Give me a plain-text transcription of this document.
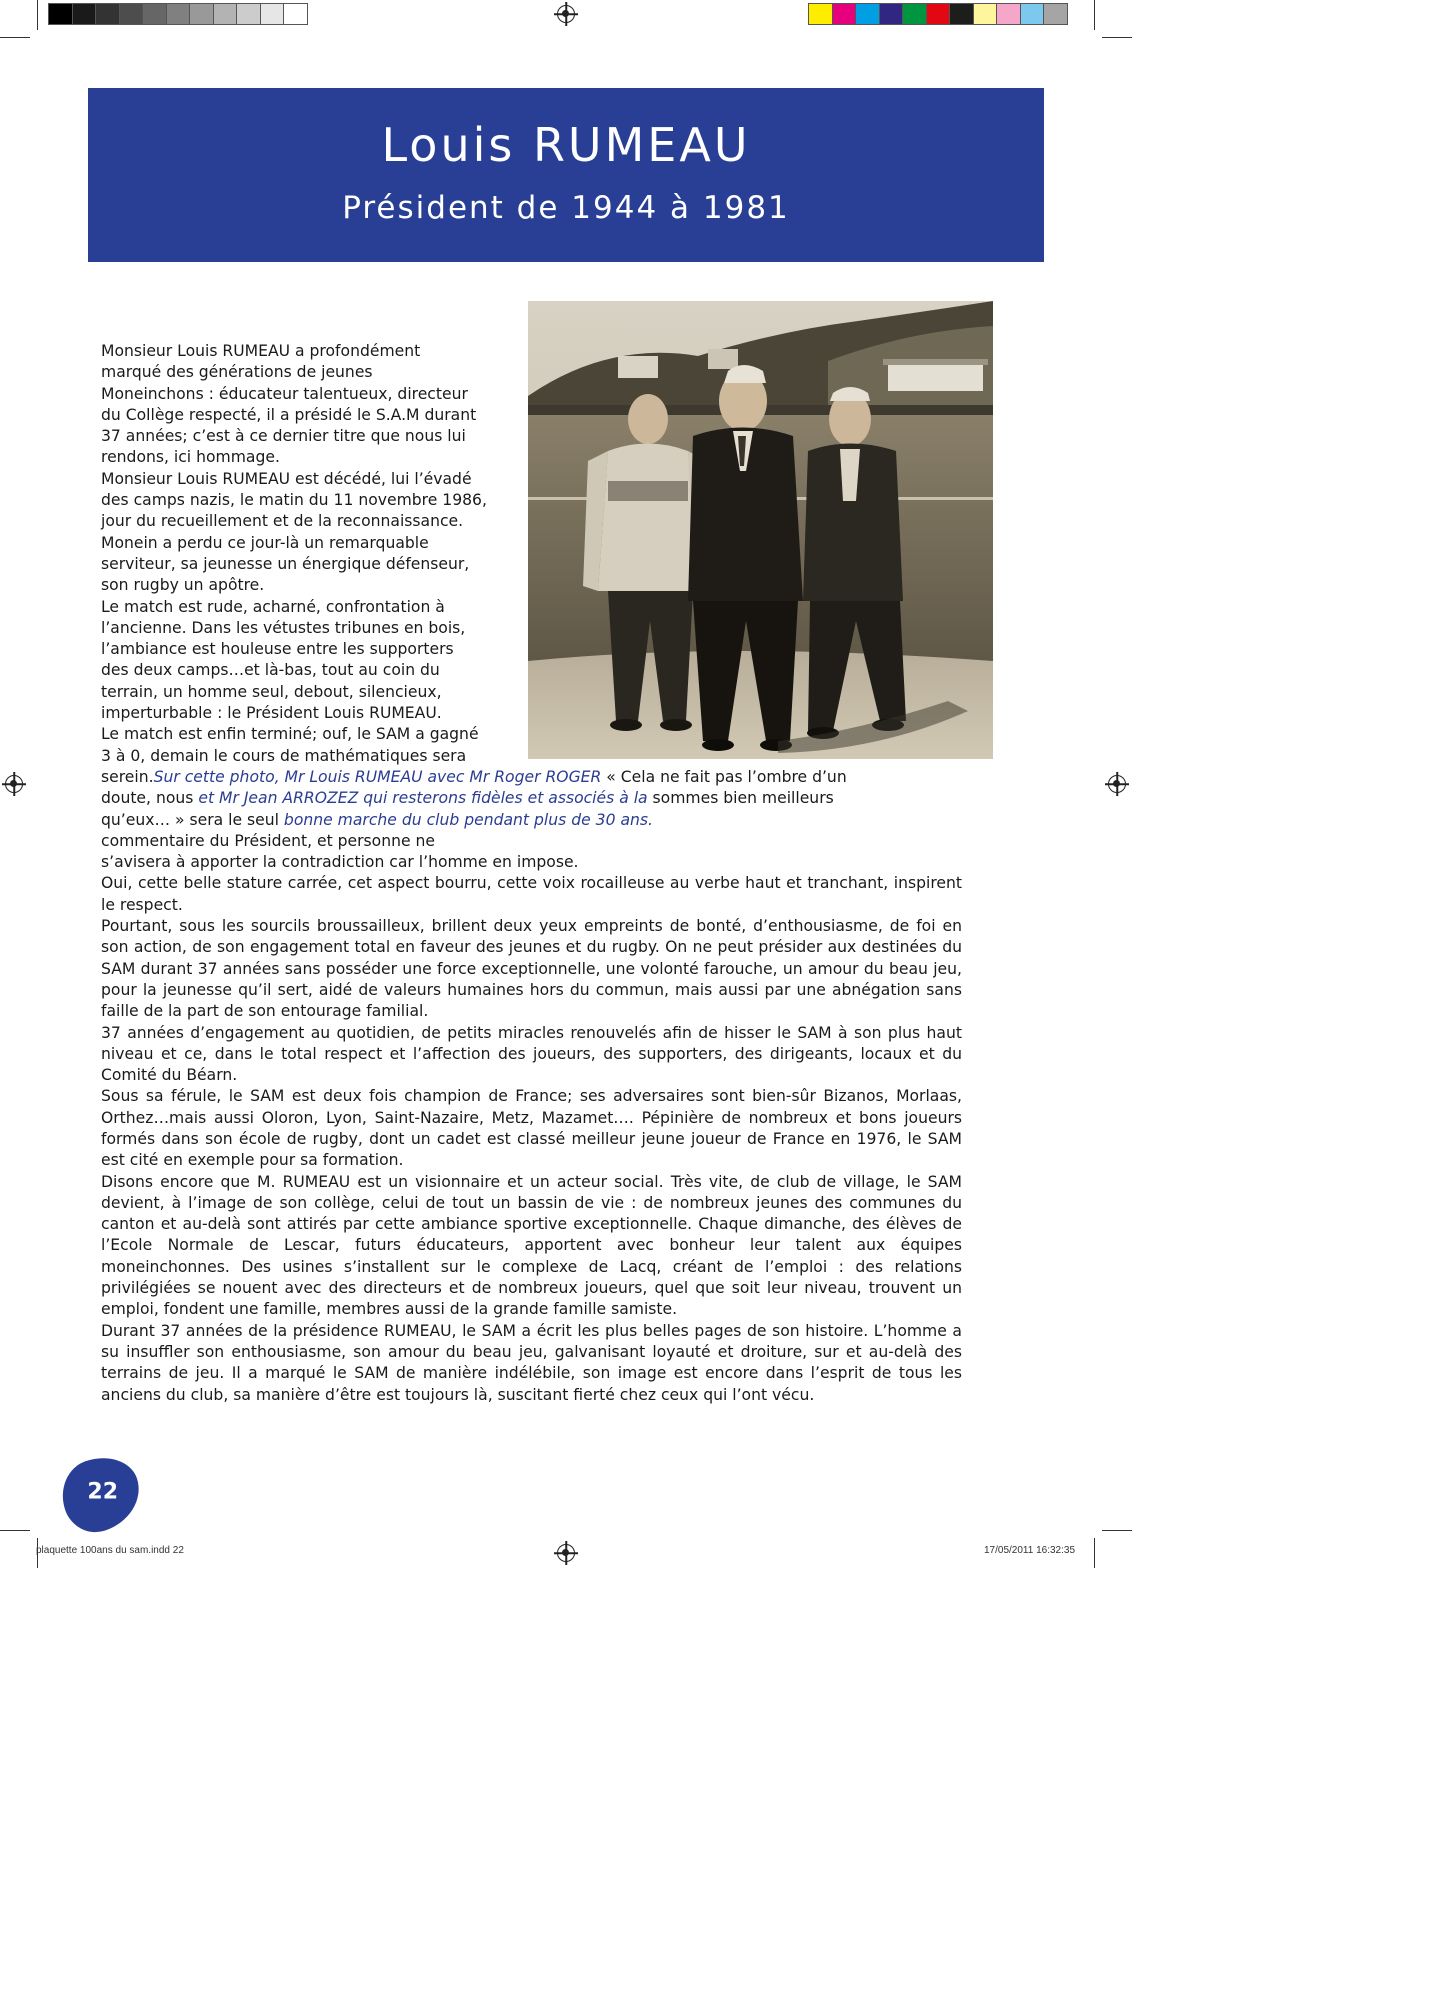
Louis RUMEAU
Président de 1944 à 1981

Monsieur Louis RUMEAU a profondément

marqué des générations de jeunes

Moneinchons : éducateur talentueux, directeur

du Collège respecté, il a présidé le S.A.M durant

37 années; c’est à ce dernier titre que nous lui

rendons, ici hommage.

Monsieur Louis RUMEAU est décédé, lui l’évadé

des camps nazis, le matin du 11 novembre 1986,

jour du recueillement et de la reconnaissance.

Monein a perdu ce jour-là un remarquable

serviteur, sa jeunesse un énergique défenseur,

son rugby un apôtre.

Le match est rude, acharné, confrontation à

l’ancienne. Dans les vétustes tribunes en bois,

l’ambiance est houleuse entre les supporters

des deux camps…et là-bas, tout au coin du

terrain, un homme seul, debout, silencieux,

imperturbable : le Président Louis RUMEAU.

Le match est enfin terminé; ouf, le SAM a gagné

3 à 0, demain le cours de mathématiques sera

serein.Sur cette photo, Mr Louis RUMEAU avec Mr Roger ROGER « Cela ne fait pas l’ombre d’un

doute, nous et Mr Jean ARROZEZ qui resterons fidèles et associés à la sommes bien meilleurs

qu’eux… » sera le seul bonne marche du club pendant plus de 30 ans.

commentaire du Président, et personne ne

s’avisera à apporter la contradiction car l’homme en impose.

Oui, cette belle stature carrée, cet aspect bourru, cette voix rocailleuse au verbe haut et tranchant, inspirent le respect.

Pourtant, sous les sourcils broussailleux, brillent deux yeux empreints de bonté, d’enthousiasme, de foi en son action, de son engagement total en faveur des jeunes et du rugby. On ne peut présider aux destinées du SAM durant 37 années sans posséder une force exceptionnelle, une volonté farouche, un amour du beau jeu, pour la jeunesse qu’il sert, aidé de valeurs humaines hors du commun, mais aussi par une abnégation sans faille de la part de son entourage familial.

37 années d’engagement au quotidien, de petits miracles renouvelés afin de hisser le SAM à son plus haut niveau et ce, dans le total respect et l’affection des joueurs, des supporters, des dirigeants, locaux et du Comité du Béarn.

Sous sa férule, le SAM est deux fois champion de France; ses adversaires sont bien-sûr Bizanos, Morlaas, Orthez…mais aussi Oloron, Lyon, Saint-Nazaire, Metz, Mazamet…. Pépinière de nombreux et bons joueurs formés dans son école de rugby, dont un cadet est classé meilleur jeune joueur de France en 1976, le SAM est cité en exemple pour sa formation.

Disons encore que M. RUMEAU est un visionnaire et un acteur social. Très vite, de club de village, le SAM devient, à l’image de son collège, celui de tout un bassin de vie : de nombreux jeunes des communes du canton et au-delà sont attirés par cette ambiance sportive exceptionnelle. Chaque dimanche, des élèves de l’Ecole Normale de Lescar, futurs éducateurs, apportent avec bonheur leur talent aux équipes moneinchonnes. Des usines s’installent sur le complexe de Lacq, créant de l’emploi : des relations privilégiées se nouent avec des directeurs et de nombreux joueurs, quel que soit leur niveau, trouvent un emploi, fondent une famille, membres aussi de la grande famille samiste.

Durant 37 années de la présidence RUMEAU, le SAM a écrit les plus belles pages de son histoire. L’homme a su insuffler son enthousiasme, son amour du beau jeu, galvanisant loyauté et droiture, sur et au-delà des terrains de jeu. Il a marqué le SAM de manière indélébile, son image est encore dans l’esprit de tous les anciens du club, sa manière d’être est toujours là, suscitant fierté chez ceux qui l’ont vécu.

22
plaquette 100ans du sam.indd 22	17/05/2011 16:32:35
